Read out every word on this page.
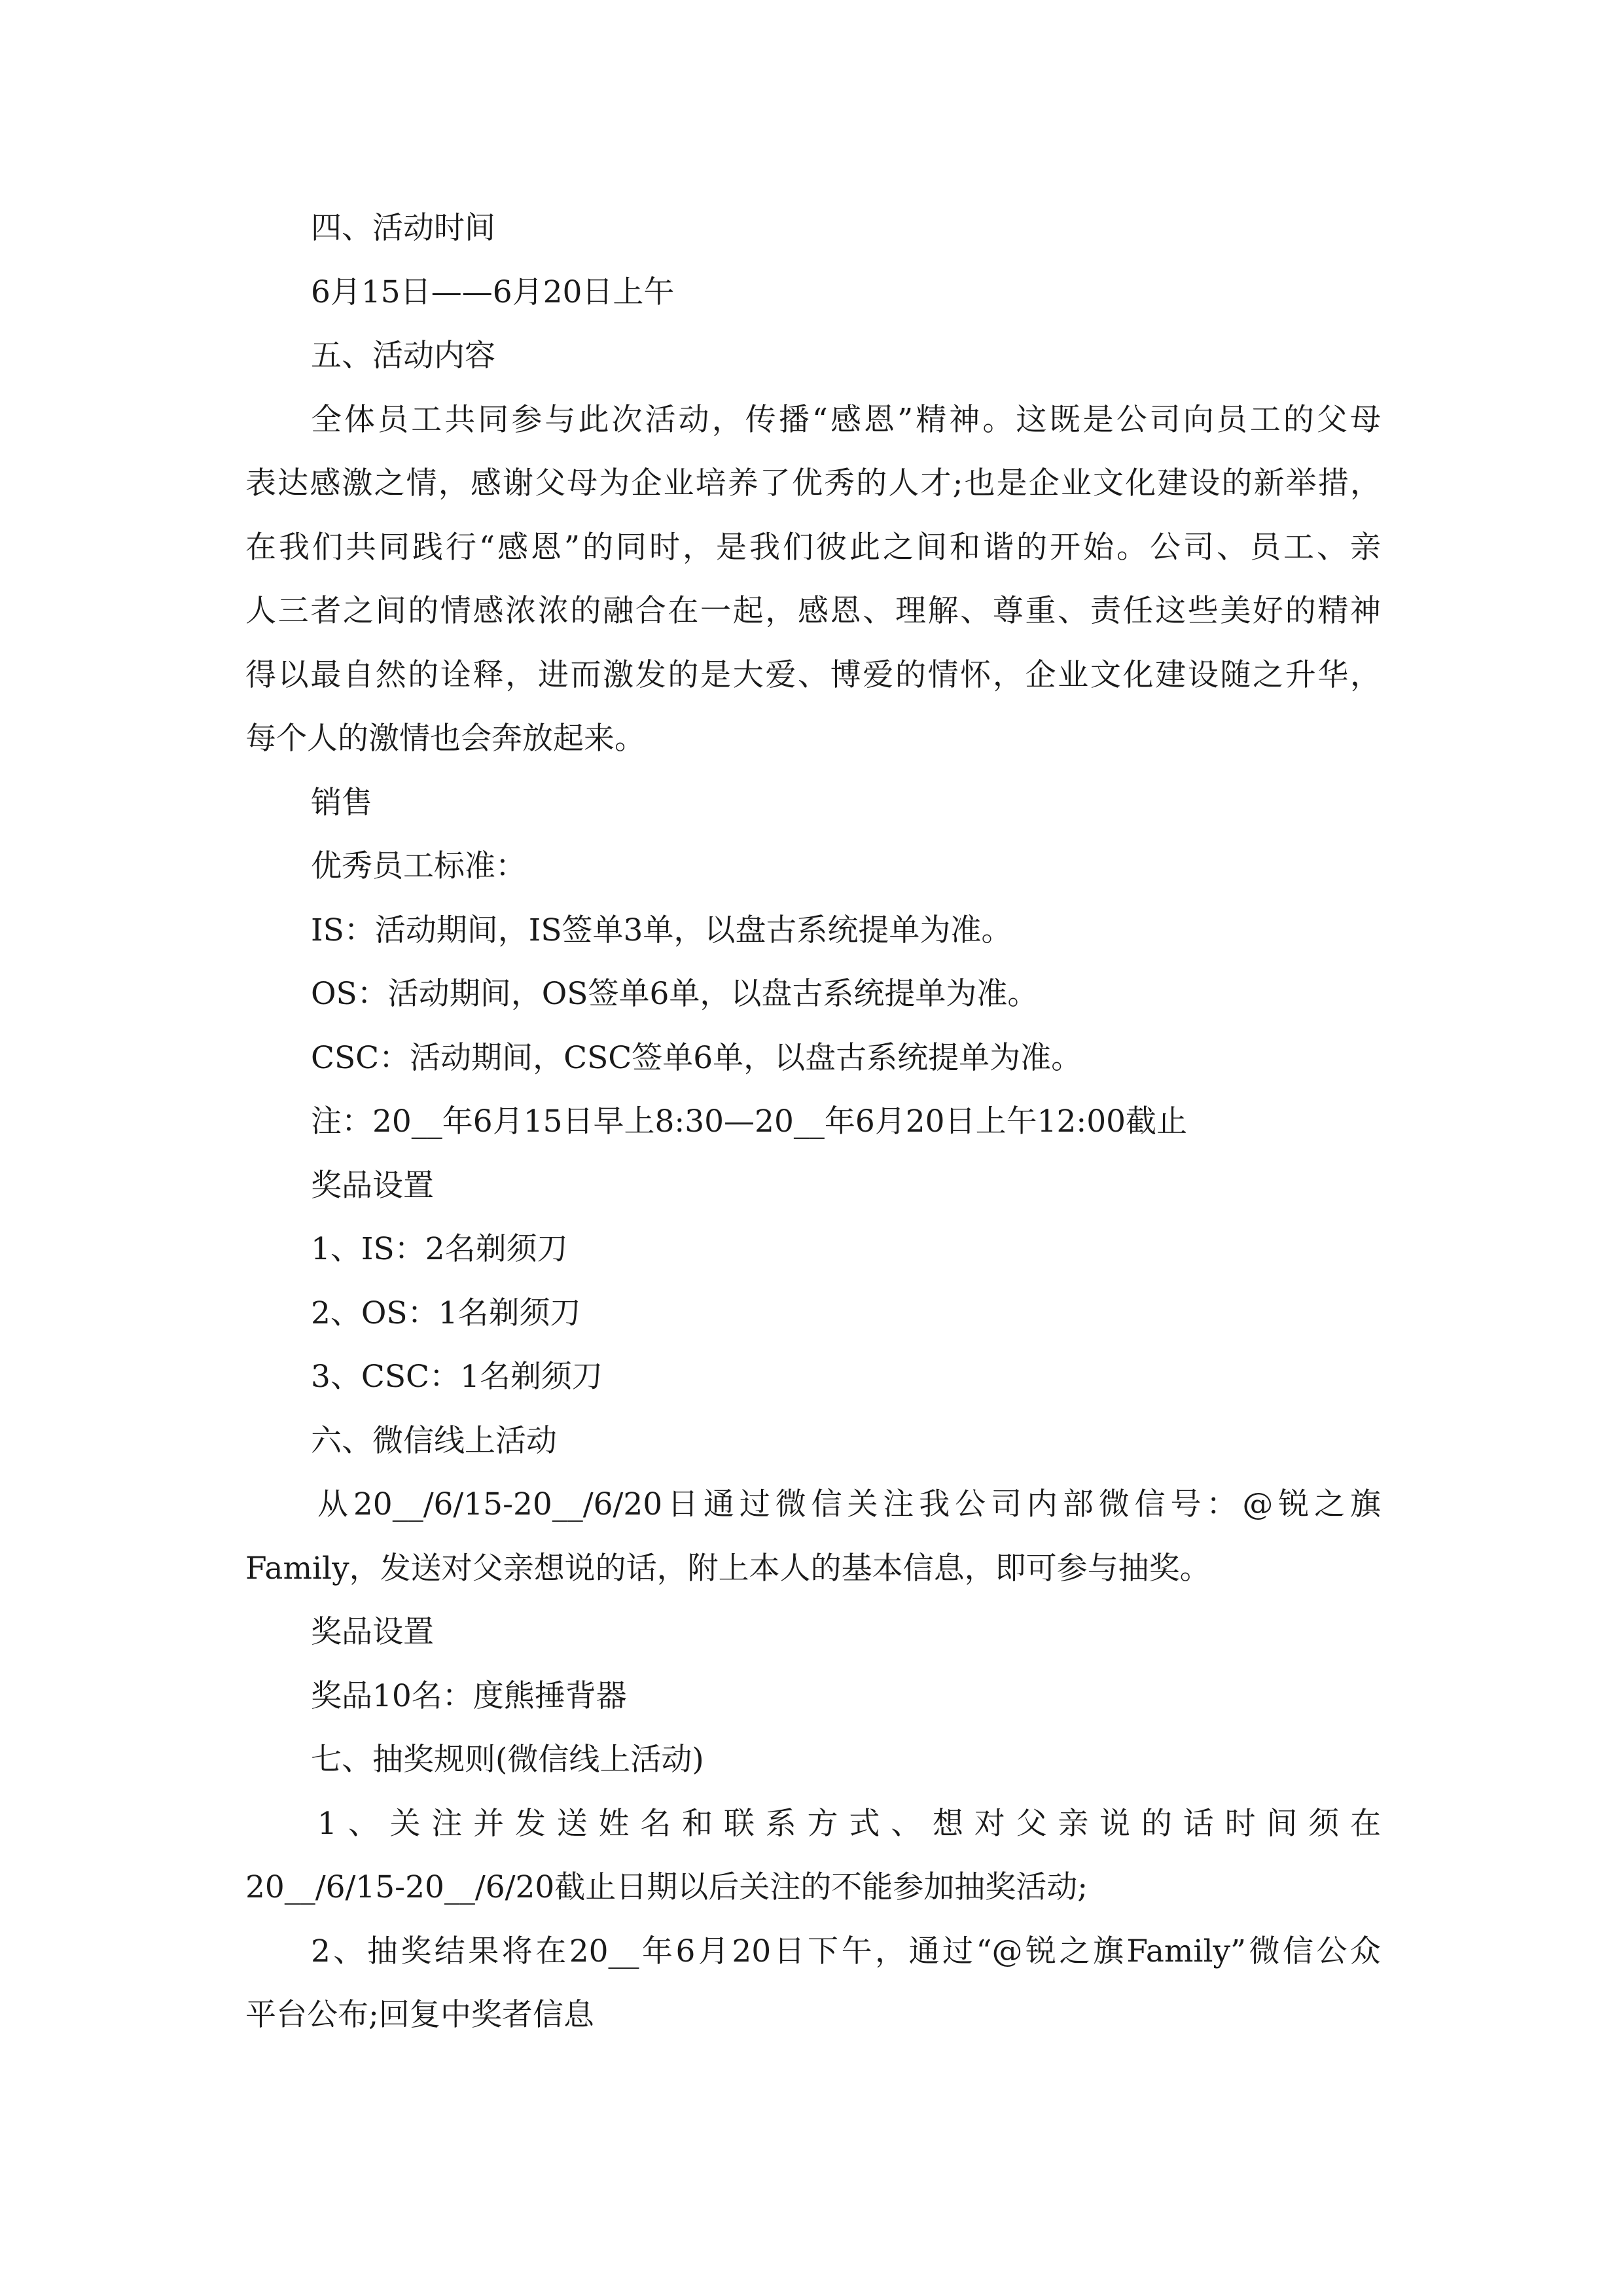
四、活动时间
6月15日——6月20日上午
五、活动内容
全体员工共同参与此次活动，传播“感恩”精神。这既是公司向员工的父母
表达感激之情，感谢父母为企业培养了优秀的人才;也是企业文化建设的新举措，
在我们共同践行“感恩”的同时，是我们彼此之间和谐的开始。公司、员工、亲
人三者之间的情感浓浓的融合在一起，感恩、理解、尊重、责任这些美好的精神
得以最自然的诠释，进而激发的是大爱、博爱的情怀，企业文化建设随之升华，
每个人的激情也会奔放起来。
销售
优秀员工标准：
IS：活动期间，IS签单3单，以盘古系统提单为准。
OS：活动期间，OS签单6单，以盘古系统提单为准。
CSC：活动期间，CSC签单6单，以盘古系统提单为准。
注：20__年6月15日早上8:30—20__年6月20日上午12:00截止
奖品设置
1、IS：2名剃须刀
2、OS：1名剃须刀
3、CSC：1名剃须刀
六、微信线上活动
从20__/6/15-20__/6/20日通过微信关注我公司内部微信号：@锐之旗
Family，发送对父亲想说的话，附上本人的基本信息，即可参与抽奖。
奖品设置
奖品10名：度熊捶背器
七、抽奖规则(微信线上活动)
1、关注并发送姓名和联系方式、想对父亲说的话时间须在
20__/6/15-20__/6/20截止日期以后关注的不能参加抽奖活动;
2、抽奖结果将在20__年6月20日下午，通过“@锐之旗Family”微信公众
平台公布;回复中奖者信息
